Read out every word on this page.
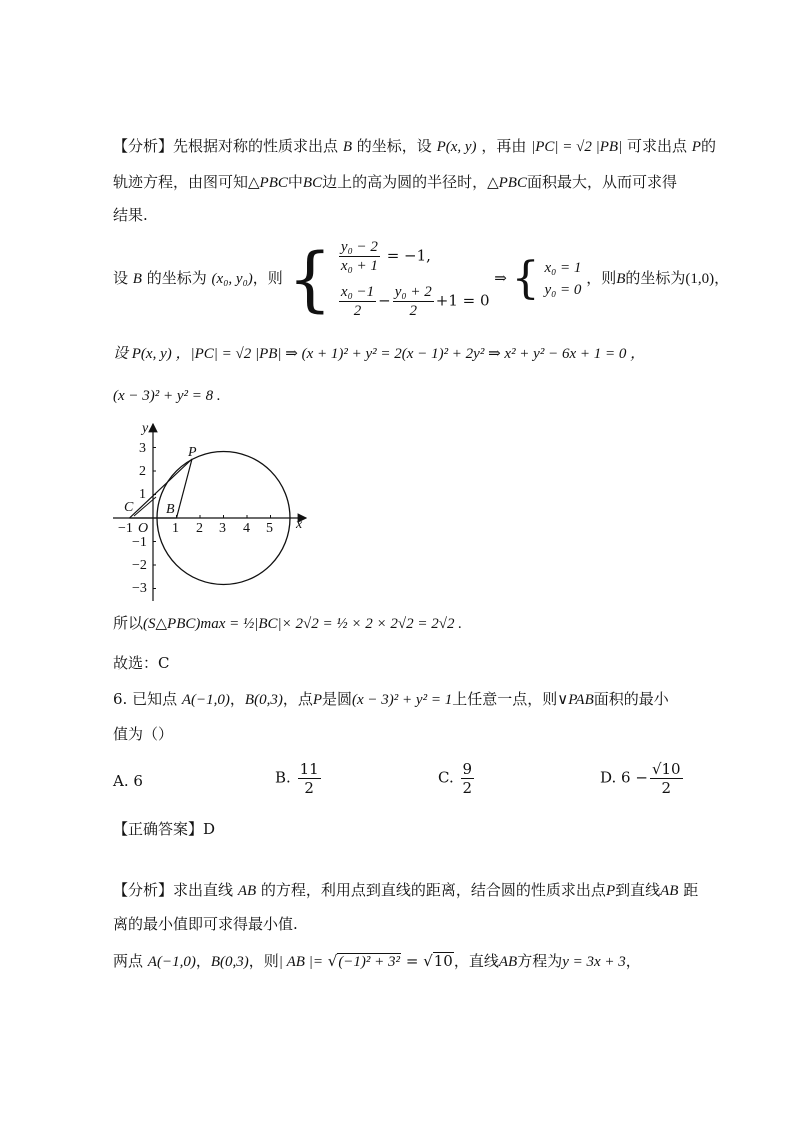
【分析】先根据对称的性质求出点 B 的坐标，设 P(x, y) ，再由 |PC| = √2 |PB| 可求出点 P的
轨迹方程，由图可知△PBC中BC边上的高为圆的半径时，△PBC面积最大，从而可求得
结果.
设 B 的坐标为 (x₀, y₀)，则 { $\frac{\text{y₀ − 2}}{\text{x₀ + 1}} = -1$,
$\frac{\text{x₀ −1}}{2} - \frac{\text{y₀ + 2}}{2} +1 = 0$
⇒ { x₀ = 1
y₀ = 0
，则B的坐标为(1,0)，
设 P(x, y) ，|PC| = √2 |PB| ⇒ (x + 1)² + y² = 2(x − 1)² + 2y² ⇒ x² + y² − 6x + 1 = 0 ，
(x − 3)² + y² = 8 .
−1	1 2 3 4 5
3
2
1
−1
−2
−3
O	x
y
C B
P
所以(S△PBC)max = ½|BC|× 2√2 = ½ × 2 × 2√2 = 2√2 .
故选：C
6. 已知点 A(−1,0)，B(0,3)，点P是圆(x − 3)² + y² = 1上任意一点，则∨PAB面积的最小
值为（）
A. 6	B. $\frac{11}{2}$	C. $\frac{9}{2}$	D. $6 - \frac{√10}{2}$
【正确答案】D
【分析】求出直线 AB 的方程，利用点到直线的距离，结合圆的性质求出点P到直线AB 距
离的最小值即可求得最小值.
两点 A(−1,0)，B(0,3)，则| AB |= √(−1)² + 3² = √10，直线AB方程为y = 3x + 3，
